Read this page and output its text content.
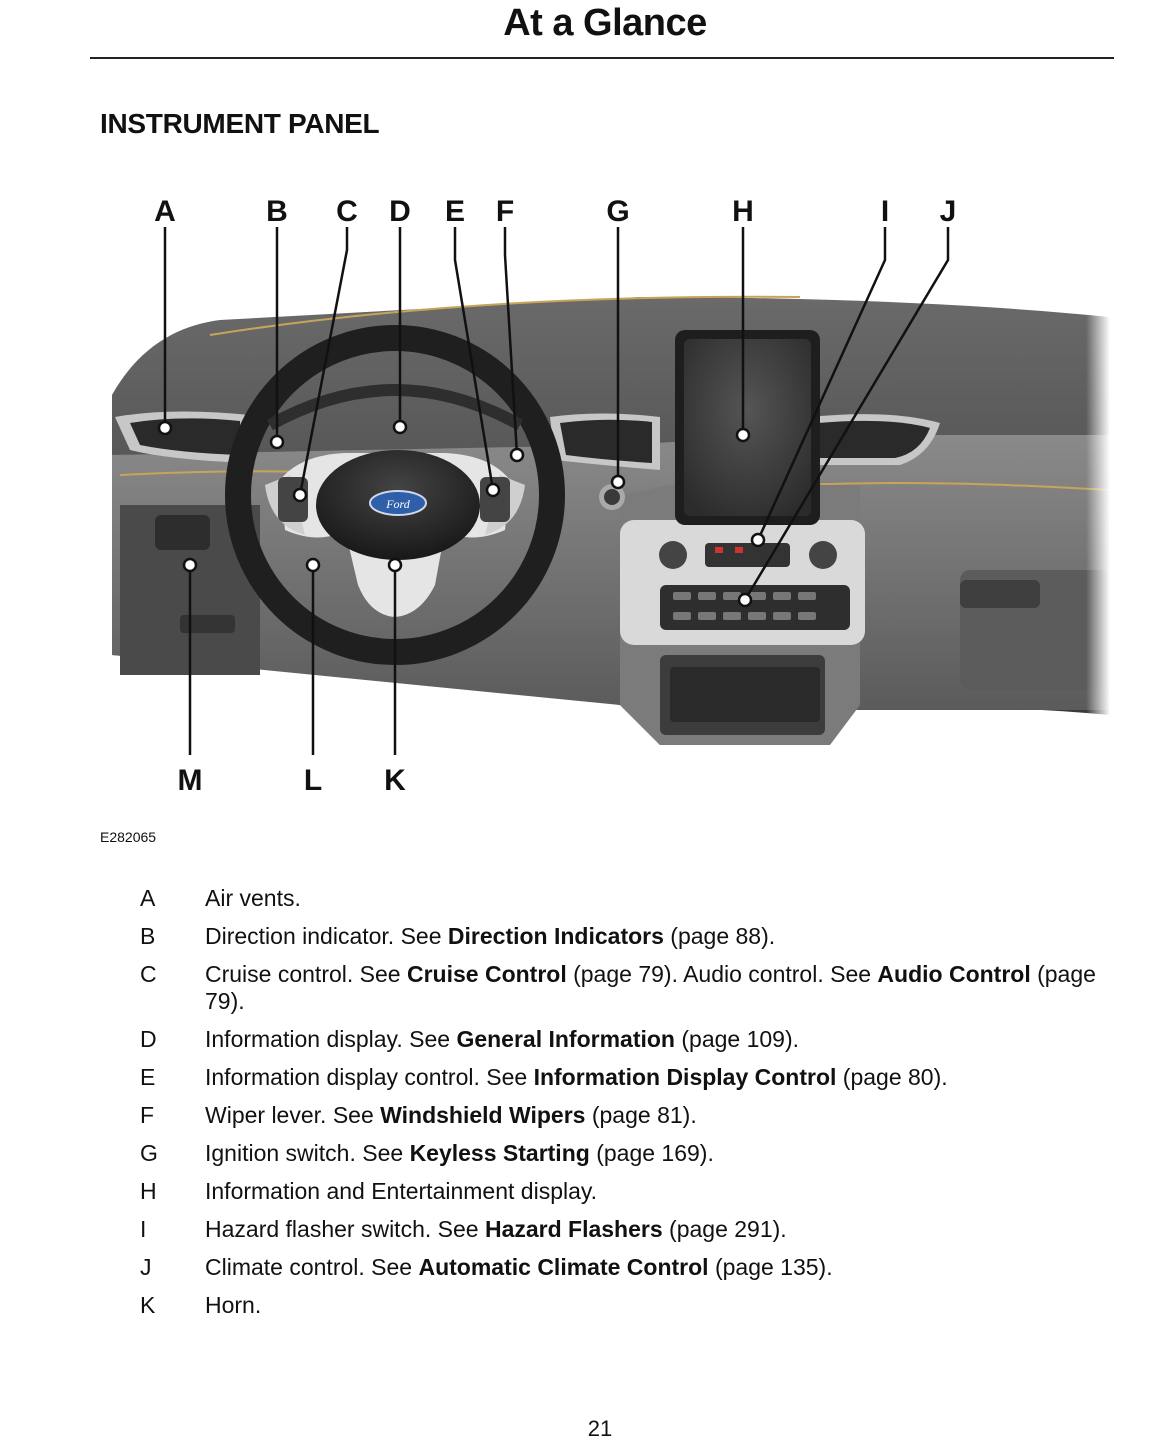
At a Glance
INSTRUMENT PANEL
Ford
A	B C D E F	G	H	I J
K
L
M
E282065
A	Air vents.
B	Direction indicator. See Direction Indicators (page 88).
C	Cruise control. See Cruise Control (page 79). Audio control. See Audio Control (page 79).
D	Information display. See General Information (page 109).
E	Information display control. See Information Display Control (page 80).
F	Wiper lever. See Windshield Wipers (page 81).
G	Ignition switch. See Keyless Starting (page 169).
H	Information and Entertainment display.
I	Hazard flasher switch. See Hazard Flashers (page 291).
J	Climate control. See Automatic Climate Control (page 135).
K	Horn.
21
